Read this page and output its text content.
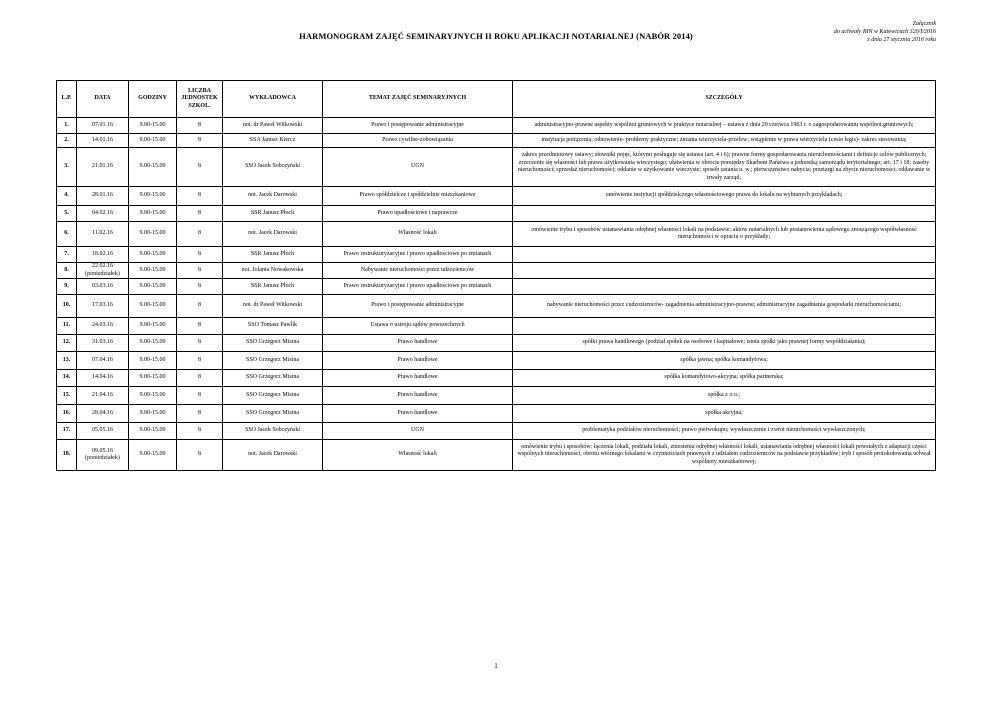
HARMONOGRAM ZAJĘĆ SEMINARYJNYCH II ROKU APLIKACJI NOTARIALNEJ (NABÓR 2014)
Załącznik
do uchwały RIN w Katowicach 320/I/2016
z dnia 27 stycznia 2016 roku
L.P.	DATA	GODZINY	LICZBA JEDNOSTEK SZKOL.	WYKŁADOWCA	TEMAT ZAJĘĆ SEMINARYJNYCH	SZCZEGÓŁY
1.	07.01.16	9.00-15.00	8	not. dr Paweł Witkowski	Prawo i postępowanie administracyjne	administracyjno-prawne aspekty wspólnot gruntowych w praktyce notarialnej – ustawa z dnia 29 czerwca 1963 r. o zagospodarowaniu wspólnot gruntowych;
2.	14.01.16	9.00-15.00	8	SSA Janusz Kiercz	Prawo cywilne-zobowiązania	instytucja potrącenia; odnowienie- problemy praktyczne; zmiana wierzyciela-przelew; wstąpienie w prawa wierzyciela (cesio legis)- zakres stosowania;
3.	21.01.16	9.00-15.00	8	SSO Jacek Sobczyński	UGN	zakres przedmiotowy ustawy; słowniki pojęć, którymi posługuje się ustawa (art. 4 i 6); prawne formy gospodarowania nieruchomościami i definicje celów publicznych; zrzeczenie się własności lub prawa użytkowania wieczystego; ułatwienia w obrocie pomiędzy Skarbem Państwa a jednostką samorządu terytorialnego; art. 17 i 18; zasoby nieruchomości; sprzedaż nieruchomości; oddanie w użytkowanie wieczyste; sposób ustania u. w.; pierwszeństwo nabycia; przetargi na zbycie nieruchomości; oddawanie w trwały zarząd;
4.	28.01.16	9.00-15.00	8	not. Jacek Darowski	Prawo spółdzielcze i spółdzielnie mieszkaniowe	omówienie instytucji spółdzielczego własnościowego prawa do lokalu na wybranych przykładach;
5.	04.02.16	9.00-15.00	8	SSR Janusz Płoch	Prawo upadłościowe i naprawcze	
6.	11.02.16	9.00-15.00	8	not. Jacek Darowski	Własność lokali	omówienie trybu i sposobów ustanawiania odrębnej własności lokali na podstawie: aktów notarialnych lub postanowienia sądowego znoszącego współwłasność nieruchomości w opraciu o przykłady;
7.	18.02.16	9.00-15.00	8	SSR Janusz Płoch	Prawo restrukturyzacyjne i prawo upadłościowe po zmianach	
8.	22.02.16 (poniedziałek)	9.00-15.00	8	not. Jolanta Nowakowska	Nabywanie nieruchomości przez udzoziemców	
9.	03.03.16	9.00-15.00	8	SSR Janusz Płoch	Prawo restrukturyzacyjne i prawo upadłościowe po zmianach	
10.	17.03.16	9.00-15.00	8	not. dr Paweł Witkowski	Prawo i postępowanie administracyjne	nabywanie nieruchomości przez cudzoziemców- zagadnienia administracyjno-prawne; administracyjne zagadnienia gospodarki nieruchomościami;
11.	24.03.16	9.00-15.00	8	SSO Tomasz Pawlik	Ustawa o ustroju sądów powszechnych	
12.	31.03.16	9.00-15.00	8	SSO Grzegorz Misina	Prawo handlowe	spółki prawa handlowego (podział spółek na osobowe i kapitałowe; istota spółki jako prawnej formy współdziałania);
13.	07.04.16	9.00-15.00	8	SSO Grzegorz Misina	Prawo handlowe	spółka jawna; spółka komandytowa;
14.	14.04.16	9.00-15.00	8	SSO Grzegorz Misina	Prawo handlowe	spółka komandytowo-akcyjna; spółka partnerska;
15.	21.04.16	9.00-15.00	8	SSO Grzegorz Misina	Prawo handlowe	spółka z o.o.;
16.	28.04.16	9.00-15.00	8	SSO Grzegorz Misina	Prawo handlowe	spółka akcyjna;
17.	05.05.16	9.00-15.00	8	SSO Jacek Sobczyński	UGN	problematyka podziałów nieruchomości; prawo pierwokupu; wywłaszczenie i zwrot nieruchomości wywłaszczonych;
18.	09.05.16 (poniedziałek)	9.00-15.00	8	not. Jacek Darowski	Własność lokali	omówienie trybu i sposobów: łączenia lokali, podziału lokali, zniesienia odrębnej własności lokali, ustanawiania odrębnej własności lokali powstałych z adaptacji części wspólnych nieruchomości, obrotu wtórnego lokalami w czynnościach prawnych z udziałem cudzoziemców na podstawie przykładów; tryb i sposób protokołowania uchwał wspólnoty mieszkaniowej;
1
